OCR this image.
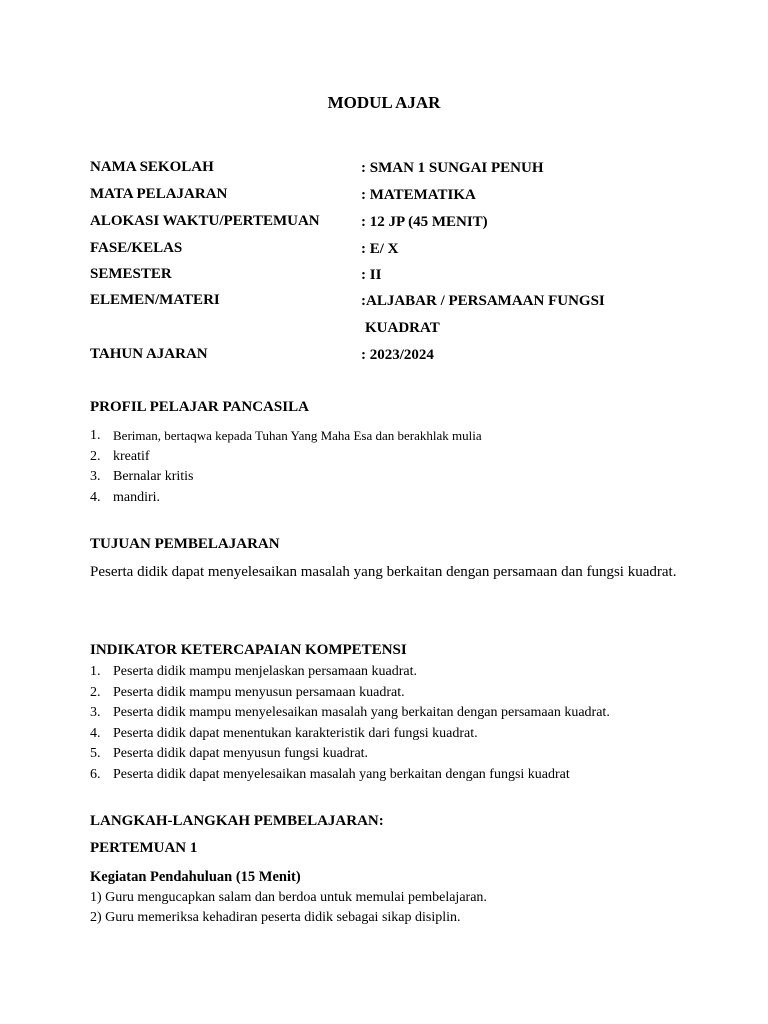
MODUL AJAR
NAMA SEKOLAH	: SMAN 1 SUNGAI PENUH
MATA PELAJARAN	: MATEMATIKA
ALOKASI WAKTU/PERTEMUAN	: 12 JP (45 MENIT)
FASE/KELAS	: E/ X
SEMESTER	: II
ELEMEN/MATERI	:ALJABAR / PERSAMAAN FUNGSI
KUADRAT
TAHUN AJARAN	: 2023/2024
PROFIL PELAJAR PANCASILA
1. Beriman, bertaqwa kepada Tuhan Yang Maha Esa dan berakhlak mulia
2. kreatif
3. Bernalar kritis
4. mandiri.
TUJUAN PEMBELAJARAN

Peserta didik dapat menyelesaikan masalah yang berkaitan dengan persamaan dan fungsi kuadrat.

INDIKATOR KETERCAPAIAN KOMPETENSI
1. Peserta didik mampu menjelaskan persamaan kuadrat.
2. Peserta didik mampu menyusun persamaan kuadrat.
3. Peserta didik mampu menyelesaikan masalah yang berkaitan dengan persamaan kuadrat.
4. Peserta didik dapat menentukan karakteristik dari fungsi kuadrat.
5. Peserta didik dapat menyusun fungsi kuadrat.
6. Peserta didik dapat menyelesaikan masalah yang berkaitan dengan fungsi kuadrat
LANGKAH-LANGKAH PEMBELAJARAN:
PERTEMUAN 1
Kegiatan Pendahuluan (15 Menit)
1) Guru mengucapkan salam dan berdoa untuk memulai pembelajaran.
2) Guru memeriksa kehadiran peserta didik sebagai sikap disiplin.
